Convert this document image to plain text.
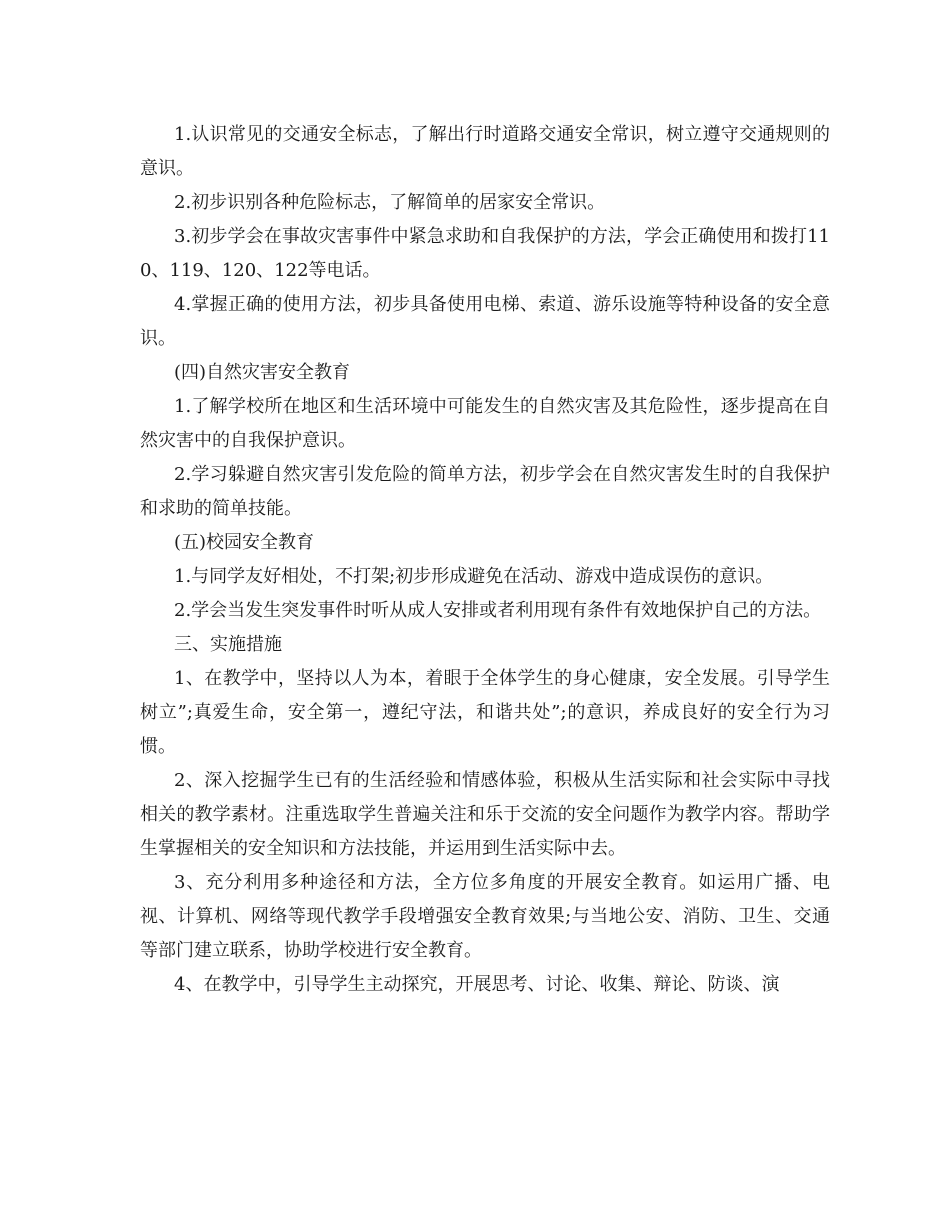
1.认识常见的交通安全标志，了解出行时道路交通安全常识，树立遵守交通规则的意识。

2.初步识别各种危险标志，了解简单的居家安全常识。

3.初步学会在事故灾害事件中紧急求助和自我保护的方法，学会正确使用和拨打110、119、120、122等电话。

4.掌握正确的使用方法，初步具备使用电梯、索道、游乐设施等特种设备的安全意识。

(四)自然灾害安全教育

1.了解学校所在地区和生活环境中可能发生的自然灾害及其危险性，逐步提高在自然灾害中的自我保护意识。

2.学习躲避自然灾害引发危险的简单方法，初步学会在自然灾害发生时的自我保护和求助的简单技能。

(五)校园安全教育

1.与同学友好相处，不打架;初步形成避免在活动、游戏中造成误伤的意识。

2.学会当发生突发事件时听从成人安排或者利用现有条件有效地保护自己的方法。

三、实施措施

1、在教学中，坚持以人为本，着眼于全体学生的身心健康，安全发展。引导学生树立”;真爱生命，安全第一，遵纪守法，和谐共处”;的意识，养成良好的安全行为习惯。

2、深入挖掘学生已有的生活经验和情感体验，积极从生活实际和社会实际中寻找相关的教学素材。注重选取学生普遍关注和乐于交流的安全问题作为教学内容。帮助学生掌握相关的安全知识和方法技能，并运用到生活实际中去。

3、充分利用多种途径和方法，全方位多角度的开展安全教育。如运用广播、电视、计算机、网络等现代教学手段增强安全教育效果;与当地公安、消防、卫生、交通等部门建立联系，协助学校进行安全教育。

4、在教学中，引导学生主动探究，开展思考、讨论、收集、辩论、防谈、演
